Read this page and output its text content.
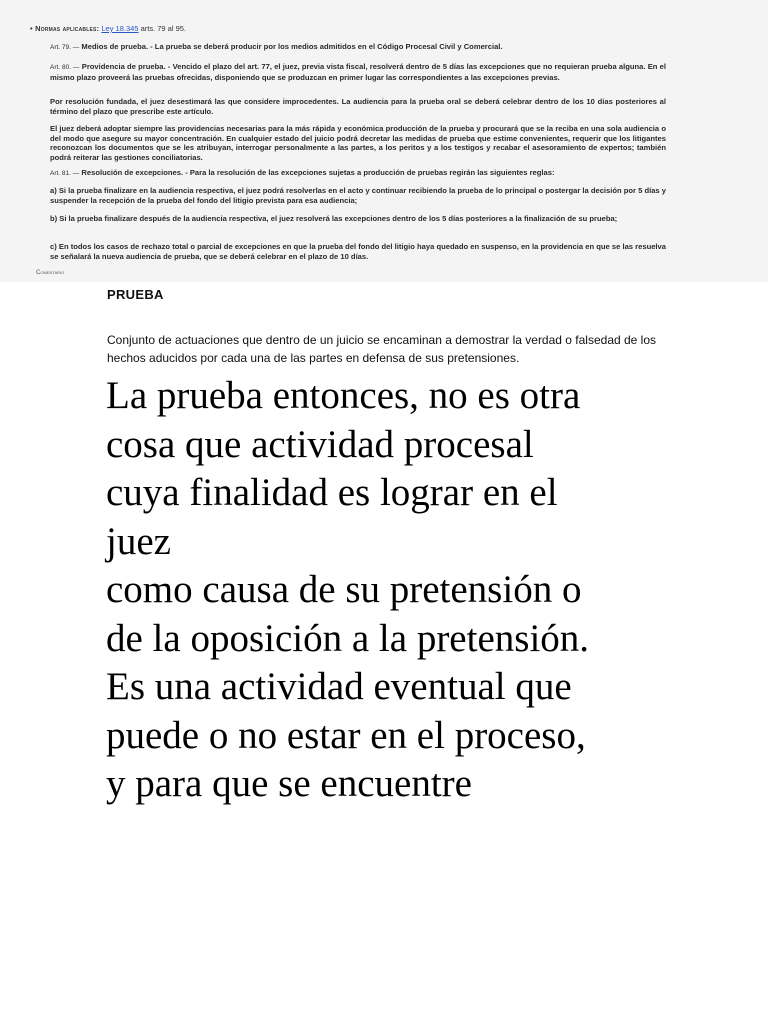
• Normas aplicables: Ley 18.345 arts. 79 al 95.
Art. 79. — Medios de prueba. - La prueba se deberá producir por los medios admitidos en el Código Procesal Civil y Comercial.
Art. 80. — Providencia de prueba. - Vencido el plazo del art. 77, el juez, previa vista fiscal, resolverá dentro de 5 días las excepciones que no requieran prueba alguna. En el mismo plazo proveerá las pruebas ofrecidas, disponiendo que se produzcan en primer lugar las correspondientes a las excepciones previas.
Por resolución fundada, el juez desestimará las que considere improcedentes. La audiencia para la prueba oral se deberá celebrar dentro de los 10 días posteriores al término del plazo que prescribe este artículo.
El juez deberá adoptar siempre las providencias necesarias para la más rápida y económica producción de la prueba y procurará que se la reciba en una sola audiencia o del modo que asegure su mayor concentración. En cualquier estado del juicio podrá decretar las medidas de prueba que estime convenientes, requerir que los litigantes reconozcan los documentos que se les atribuyan, interrogar personalmente a las partes, a los peritos y a los testigos y recabar el asesoramiento de expertos; también podrá reiterar las gestiones conciliatorias.
Art. 81. — Resolución de excepciones. - Para la resolución de las excepciones sujetas a producción de pruebas regirán las siguientes reglas:
a) Si la prueba finalizare en la audiencia respectiva, el juez podrá resolverlas en el acto y continuar recibiendo la prueba de lo principal o postergar la decisión por 5 días y suspender la recepción de la prueba del fondo del litigio prevista para esa audiencia;
b) Si la prueba finalizare después de la audiencia respectiva, el juez resolverá las excepciones dentro de los 5 días posteriores a la finalización de su prueba;
c) En todos los casos de rechazo total o parcial de excepciones en que la prueba del fondo del litigio haya quedado en suspenso, en la providencia en que se las resuelva se señalará la nueva audiencia de prueba, que se deberá celebrar en el plazo de 10 días.
Comentario
PRUEBA
Conjunto de actuaciones que dentro de un juicio se encaminan a demostrar la verdad o falsedad de los hechos aducidos por cada una de las partes en defensa de sus pretensiones.
La prueba entonces, no es otra
cosa que actividad procesal
cuya finalidad es lograr en el
juez
como causa de su pretensión o
de la oposición a la pretensión.
Es una actividad eventual que
puede o no estar en el proceso,
y para que se encuentre
